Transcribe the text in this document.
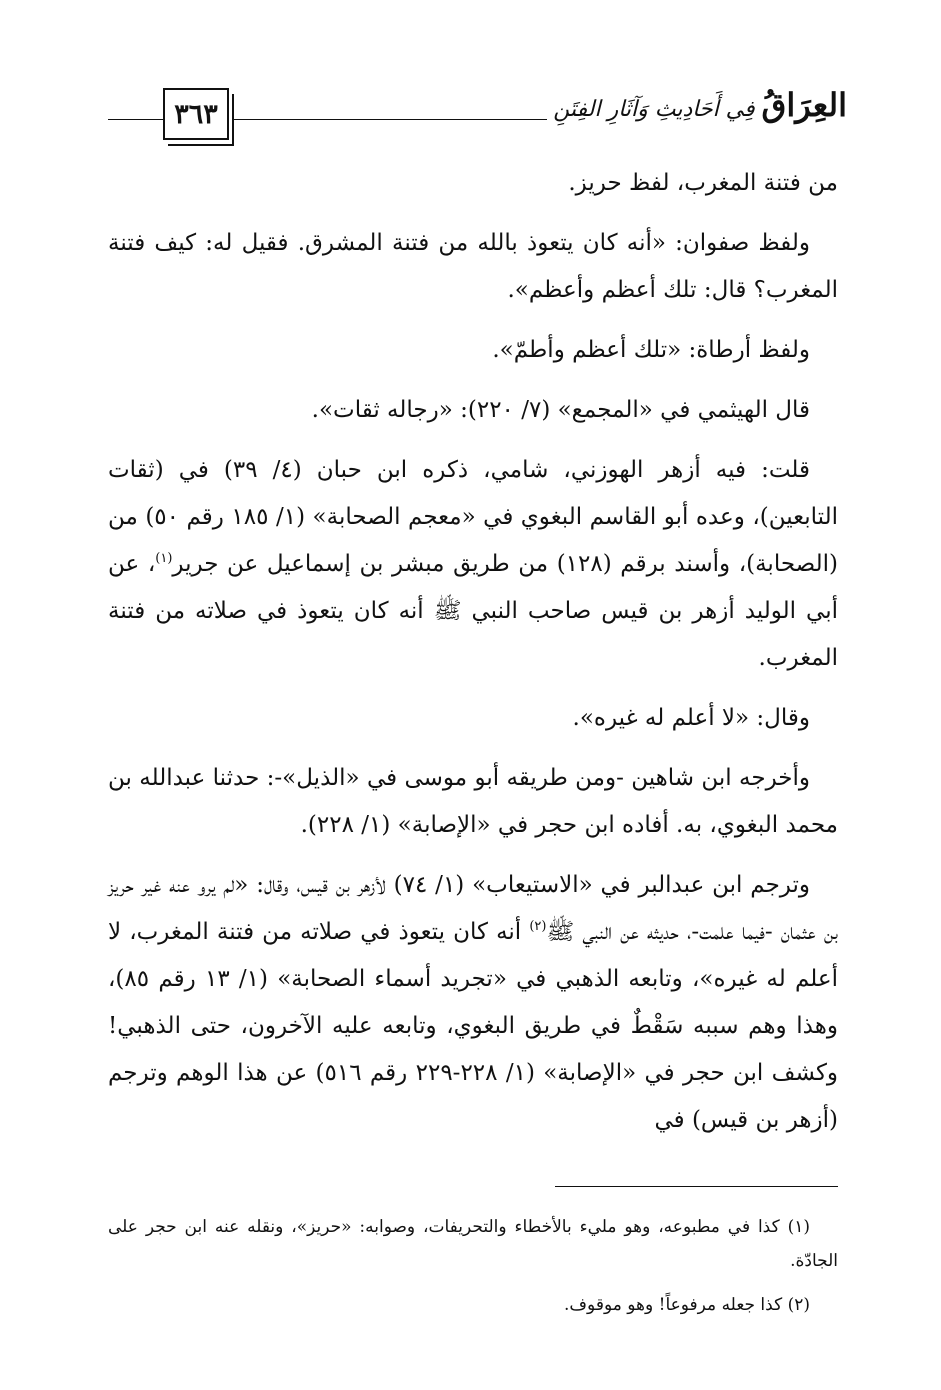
٣٦٣	العِرَاقُ فِي أَحَادِيثِ وَآثَارِ الفِتَنِ

من فتنة المغرب، لفظ حريز.

ولفظ صفوان: «أنه كان يتعوذ بالله من فتنة المشرق. فقيل له: كيف فتنة المغرب؟ قال: تلك أعظم وأعظم».

ولفظ أرطاة: «تلك أعظم وأطمّ».

قال الهيثمي في «المجمع» (٧/ ٢٢٠): «رجاله ثقات».

قلت: فيه أزهر الهوزني، شامي، ذكره ابن حبان (٤/ ٣٩) في (ثقات التابعين)، وعده أبو القاسم البغوي في «معجم الصحابة» (١/ ١٨٥ رقم ٥٠) من (الصحابة)، وأسند برقم (١٢٨) من طريق مبشر بن إسماعيل عن جرير$^{(١)}$، عن أبي الوليد أزهر بن قيس صاحب النبي ﷺ أنه كان يتعوذ في صلاته من فتنة المغرب.

وقال: «لا أعلم له غيره».

وأخرجه ابن شاهين -ومن طريقه أبو موسى في «الذيل»-: حدثنا عبدالله بن محمد البغوي، به. أفاده ابن حجر في «الإصابة» (١/ ٢٢٨).

وترجم ابن عبدالبر في «الاستيعاب» (١/ ٧٤) لأزهر بن قيس، وقال: «لم يرو عنه غير حريز بن عثمان -فيما علمت-، حديثه عن النبي ﷺ$^{(٢)}$ أنه كان يتعوذ في صلاته من فتنة المغرب، لا أعلم له غيره»، وتابعه الذهبي في «تجريد أسماء الصحابة» (١/ ١٣ رقم ٨٥)، وهذا وهم سببه سَقْطٌ في طريق البغوي، وتابعه عليه الآخرون، حتى الذهبي! وكشف ابن حجر في «الإصابة» (١/ ٢٢٨-٢٢٩ رقم ٥١٦) عن هذا الوهم وترجم (أزهر بن قيس) في

(١) كذا في مطبوعه، وهو مليء بالأخطاء والتحريفات، وصوابه: «حريز»، ونقله عنه ابن حجر على الجادّة.

(٢) كذا جعله مرفوعاً! وهو موقوف.
